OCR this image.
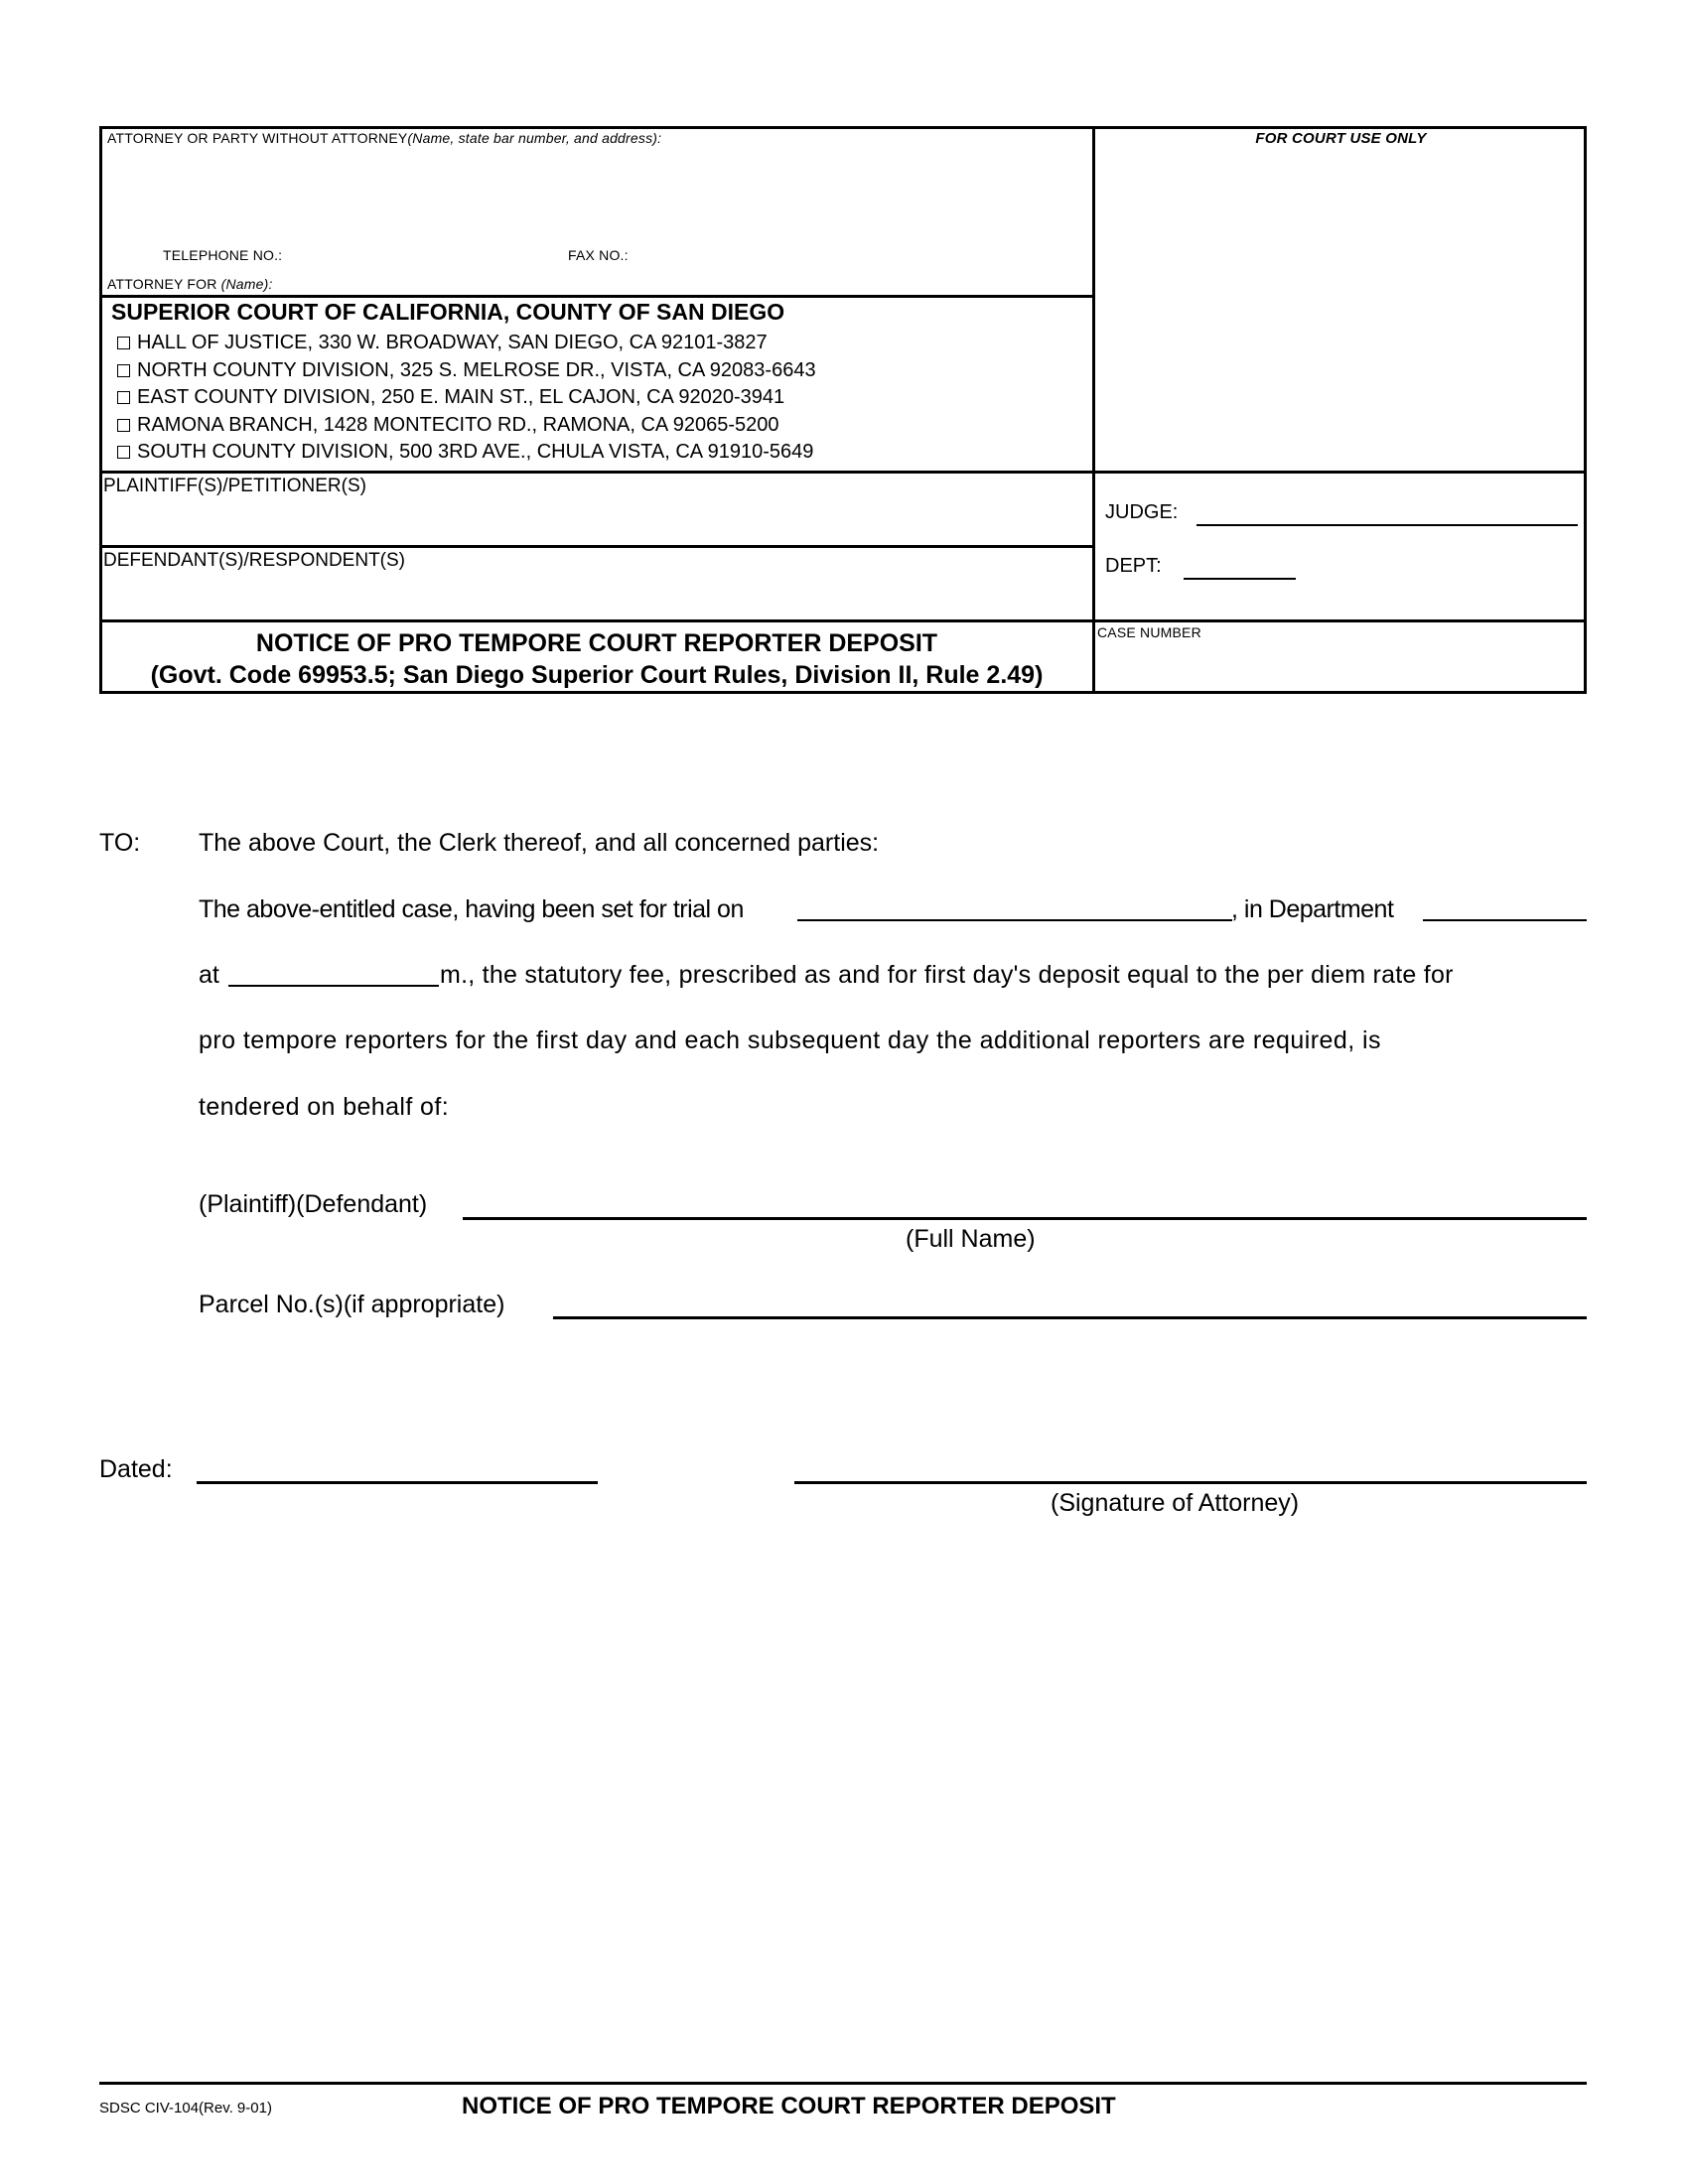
ATTORNEY OR PARTY WITHOUT ATTORNEY(Name, state bar number, and address):
TELEPHONE NO.:	FAX NO.:
ATTORNEY FOR (Name):
FOR COURT USE ONLY
SUPERIOR COURT OF CALIFORNIA, COUNTY OF SAN DIEGO
HALL OF JUSTICE, 330 W. BROADWAY, SAN DIEGO, CA 92101-3827
NORTH COUNTY DIVISION, 325 S. MELROSE DR., VISTA, CA 92083-6643
EAST COUNTY DIVISION, 250 E. MAIN ST., EL CAJON, CA 92020-3941
RAMONA BRANCH, 1428 MONTECITO RD., RAMONA, CA 92065-5200
SOUTH COUNTY DIVISION, 500 3RD AVE., CHULA VISTA, CA 91910-5649
PLAINTIFF(S)/PETITIONER(S)
DEFENDANT(S)/RESPONDENT(S)
JUDGE:
DEPT:
NOTICE OF PRO TEMPORE COURT REPORTER DEPOSIT
(Govt. Code 69953.5; San Diego Superior Court Rules, Division II, Rule 2.49)
CASE NUMBER
TO: The above Court, the Clerk thereof, and all concerned parties:
The above-entitled case, having been set for trial on	, in Department
at	m., the statutory fee, prescribed as and for first day's deposit equal to the per diem rate for
pro tempore reporters for the first day and each subsequent day the additional reporters are required, is
tendered on behalf of:
(Plaintiff)(Defendant)
(Full Name)
Parcel No.(s)(if appropriate)
Dated:
(Signature of Attorney)
SDSC CIV-104(Rev. 9-01)	NOTICE OF PRO TEMPORE COURT REPORTER DEPOSIT
